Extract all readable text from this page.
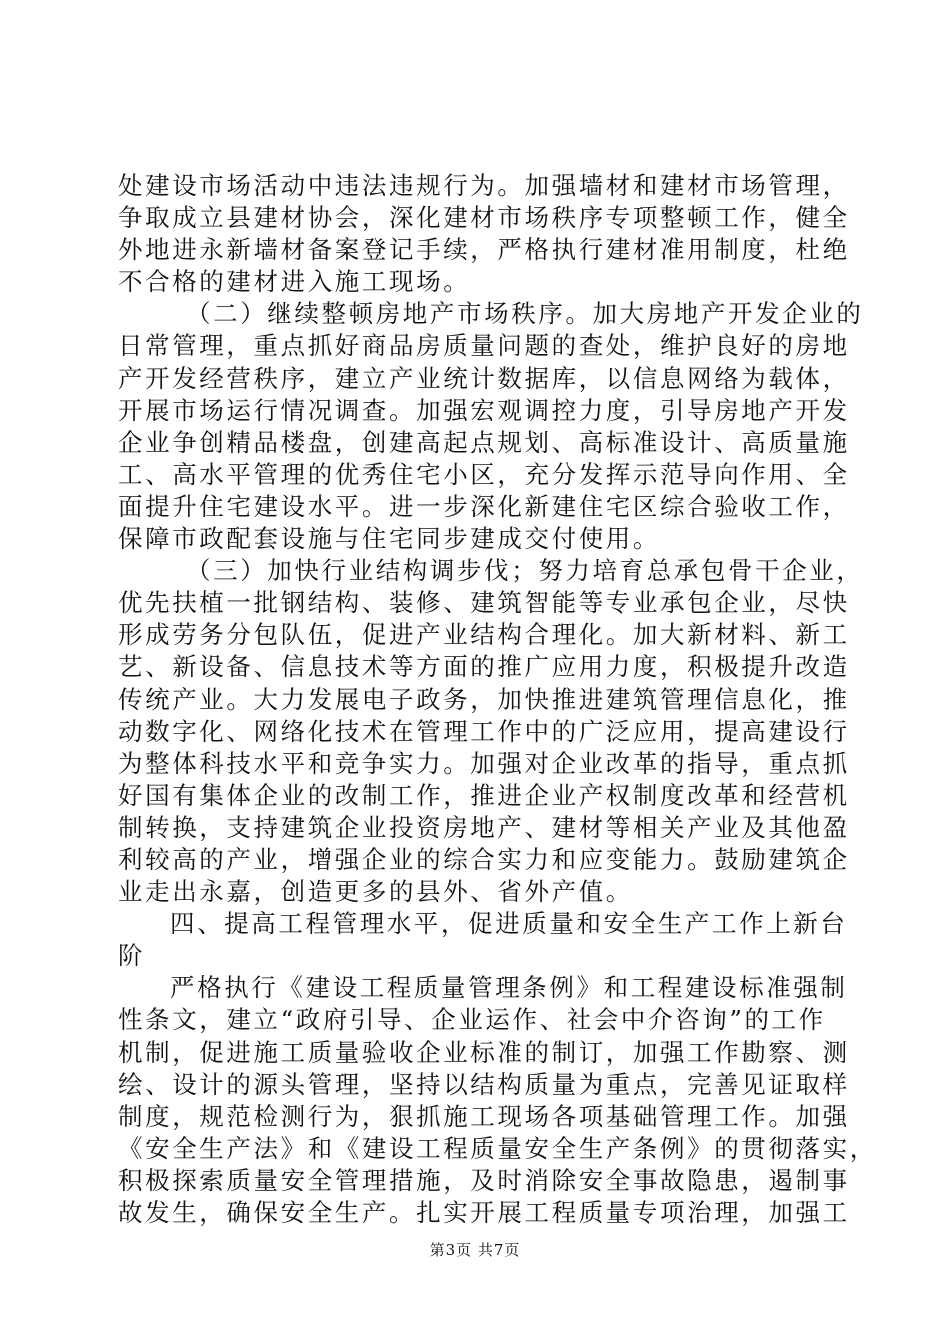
处建设市场活动中违法违规行为。加强墙材和建材市场管理，
争取成立县建材协会，深化建材市场秩序专项整顿工作，健全
外地进永新墙材备案登记手续，严格执行建材准用制度，杜绝
不合格的建材进入施工现场。
（二）继续整顿房地产市场秩序。加大房地产开发企业的
日常管理，重点抓好商品房质量问题的查处，维护良好的房地
产开发经营秩序，建立产业统计数据库，以信息网络为载体，
开展市场运行情况调查。加强宏观调控力度，引导房地产开发
企业争创精品楼盘，创建高起点规划、高标准设计、高质量施
工、高水平管理的优秀住宅小区，充分发挥示范导向作用、全
面提升住宅建设水平。进一步深化新建住宅区综合验收工作，
保障市政配套设施与住宅同步建成交付使用。
（三）加快行业结构调步伐；努力培育总承包骨干企业，
优先扶植一批钢结构、装修、建筑智能等专业承包企业，尽快
形成劳务分包队伍，促进产业结构合理化。加大新材料、新工
艺、新设备、信息技术等方面的推广应用力度，积极提升改造
传统产业。大力发展电子政务，加快推进建筑管理信息化，推
动数字化、网络化技术在管理工作中的广泛应用，提高建设行
为整体科技水平和竞争实力。加强对企业改革的指导，重点抓
好国有集体企业的改制工作，推进企业产权制度改革和经营机
制转换，支持建筑企业投资房地产、建材等相关产业及其他盈
利较高的产业，增强企业的综合实力和应变能力。鼓励建筑企
业走出永嘉，创造更多的县外、省外产值。
四、提高工程管理水平，促进质量和安全生产工作上新台
阶
严格执行《建设工程质量管理条例》和工程建设标准强制
性条文，建立“政府引导、企业运作、社会中介咨询”的工作
机制，促进施工质量验收企业标准的制订，加强工作勘察、测
绘、设计的源头管理，坚持以结构质量为重点，完善见证取样
制度，规范检测行为，狠抓施工现场各项基础管理工作。加强
《安全生产法》和《建设工程质量安全生产条例》的贯彻落实，
积极探索质量安全管理措施，及时消除安全事故隐患，遏制事
故发生，确保安全生产。扎实开展工程质量专项治理，加强工
第3页 共7页
